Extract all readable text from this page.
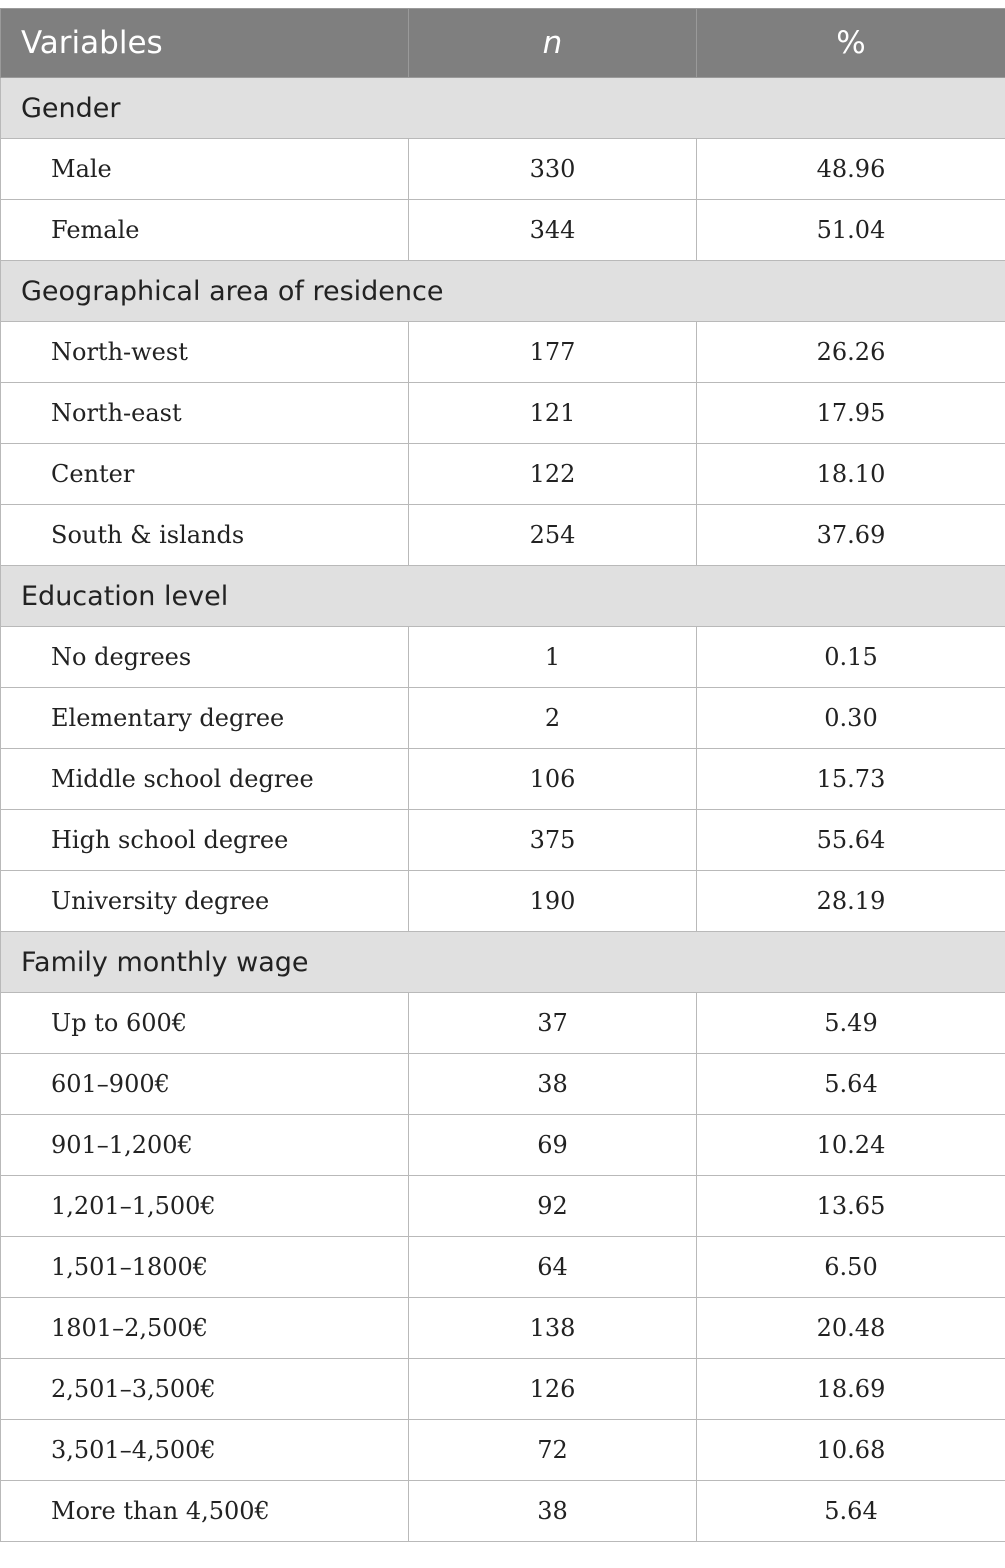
Variables	n	%
Gender		
Male	330	48.96
Female	344	51.04
Geographical area of residence		
North-west	177	26.26
North-east	121	17.95
Center	122	18.10
South & islands	254	37.69
Education level		
No degrees	1	0.15
Elementary degree	2	0.30
Middle school degree	106	15.73
High school degree	375	55.64
University degree	190	28.19
Family monthly wage		
Up to 600€	37	5.49
601–900€	38	5.64
901–1,200€	69	10.24
1,201–1,500€	92	13.65
1,501–1800€	64	6.50
1801–2,500€	138	20.48
2,501–3,500€	126	18.69
3,501–4,500€	72	10.68
More than 4,500€	38	5.64
